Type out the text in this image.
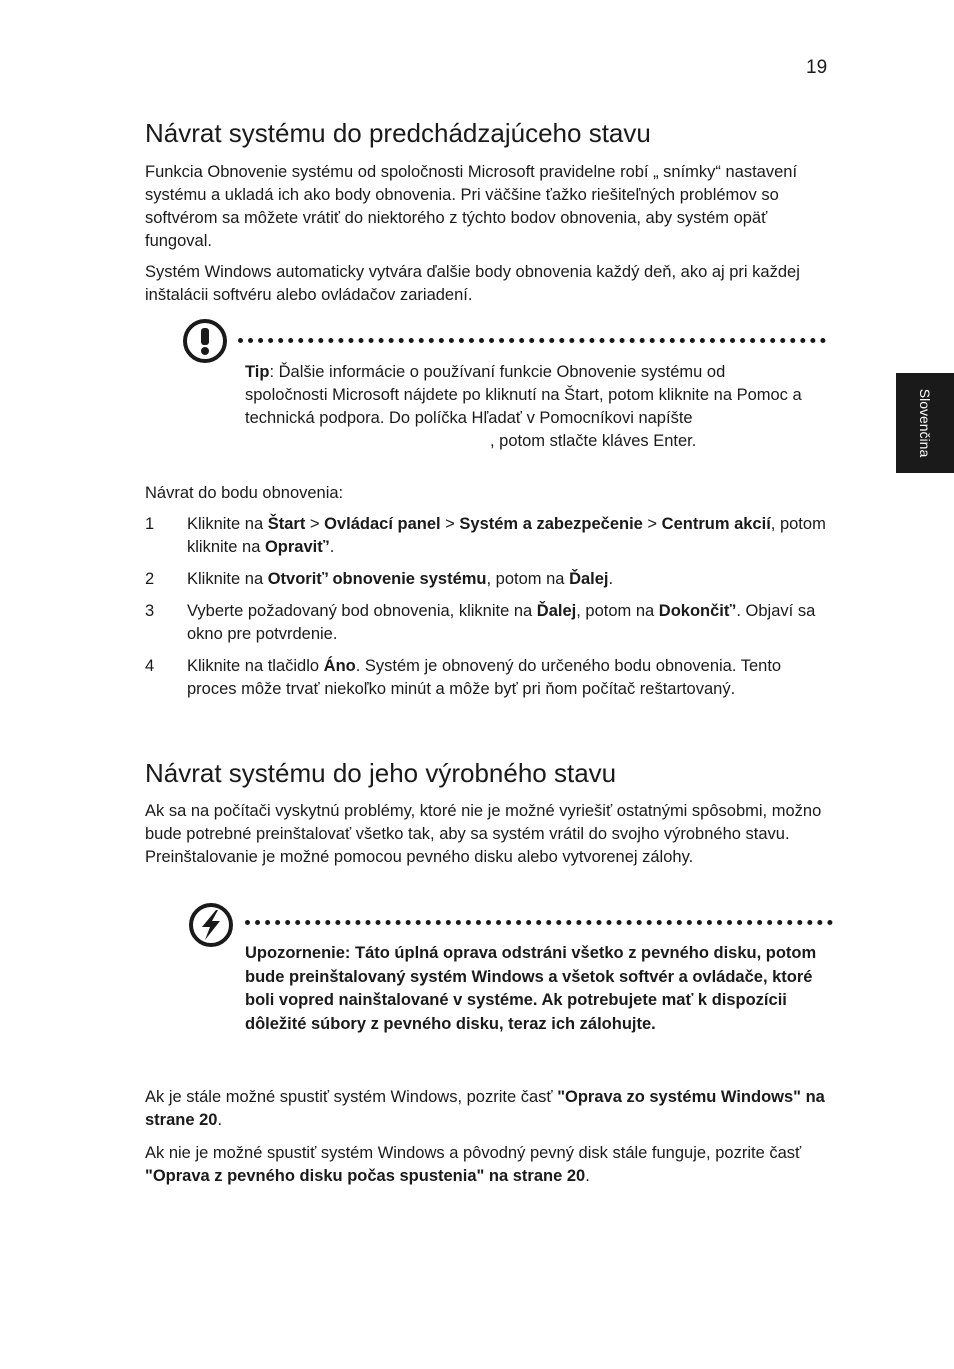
19
Slovenčina
Návrat systému do predchádzajúceho stavu

Funkcia Obnovenie systému od spoločnosti Microsoft pravidelne robí „ snímky“ nastavení systému a ukladá ich ako body obnovenia. Pri väčšine ťažko riešiteľných problémov so softvérom sa môžete vrátiť do niektorého z týchto bodov obnovenia, aby systém opäť fungoval.

Systém Windows automaticky vytvára ďalšie body obnovenia každý deň, ako aj pri každej inštalácii softvéru alebo ovládačov zariadení.

Tip: Ďalšie informácie o používaní funkcie Obnovenie systému od spoločnosti Microsoft nájdete po kliknutí na Štart, potom kliknite na Pomoc a technická podpora. Do políčka Hľadať v Pomocníkovi napíšte, potom stlačte kláves Enter.

Návrat do bodu obnovenia:

1 Kliknite na Štart > Ovládací panel > Systém a zabezpečenie > Centrum akcií, potom kliknite na Opraviť’.
2 Kliknite na Otvoriť’ obnovenie systému, potom na Ďalej.
3 Vyberte požadovaný bod obnovenia, kliknite na Ďalej, potom na Dokončiť’. Objaví sa okno pre potvrdenie.
4 Kliknite na tlačidlo Áno. Systém je obnovený do určeného bodu obnovenia. Tento proces môže trvať niekoľko minút a môže byť pri ňom počítač reštartovaný.
Návrat systému do jeho výrobného stavu

Ak sa na počítači vyskytnú problémy, ktoré nie je možné vyriešiť ostatnými spôsobmi, možno bude potrebné preinštalovať všetko tak, aby sa systém vrátil do svojho výrobného stavu. Preinštalovanie je možné pomocou pevného disku alebo vytvorenej zálohy.

Upozornenie: Táto úplná oprava odstráni všetko z pevného disku, potom bude preinštalovaný systém Windows a všetok softvér a ovládače, ktoré boli vopred nainštalované v systéme. Ak potrebujete mať k dispozícii dôležité súbory z pevného disku, teraz ich zálohujte.

Ak je stále možné spustiť systém Windows, pozrite časť "Oprava zo systému Windows" na strane 20.

Ak nie je možné spustiť systém Windows a pôvodný pevný disk stále funguje, pozrite časť "Oprava z pevného disku počas spustenia" na strane 20.
